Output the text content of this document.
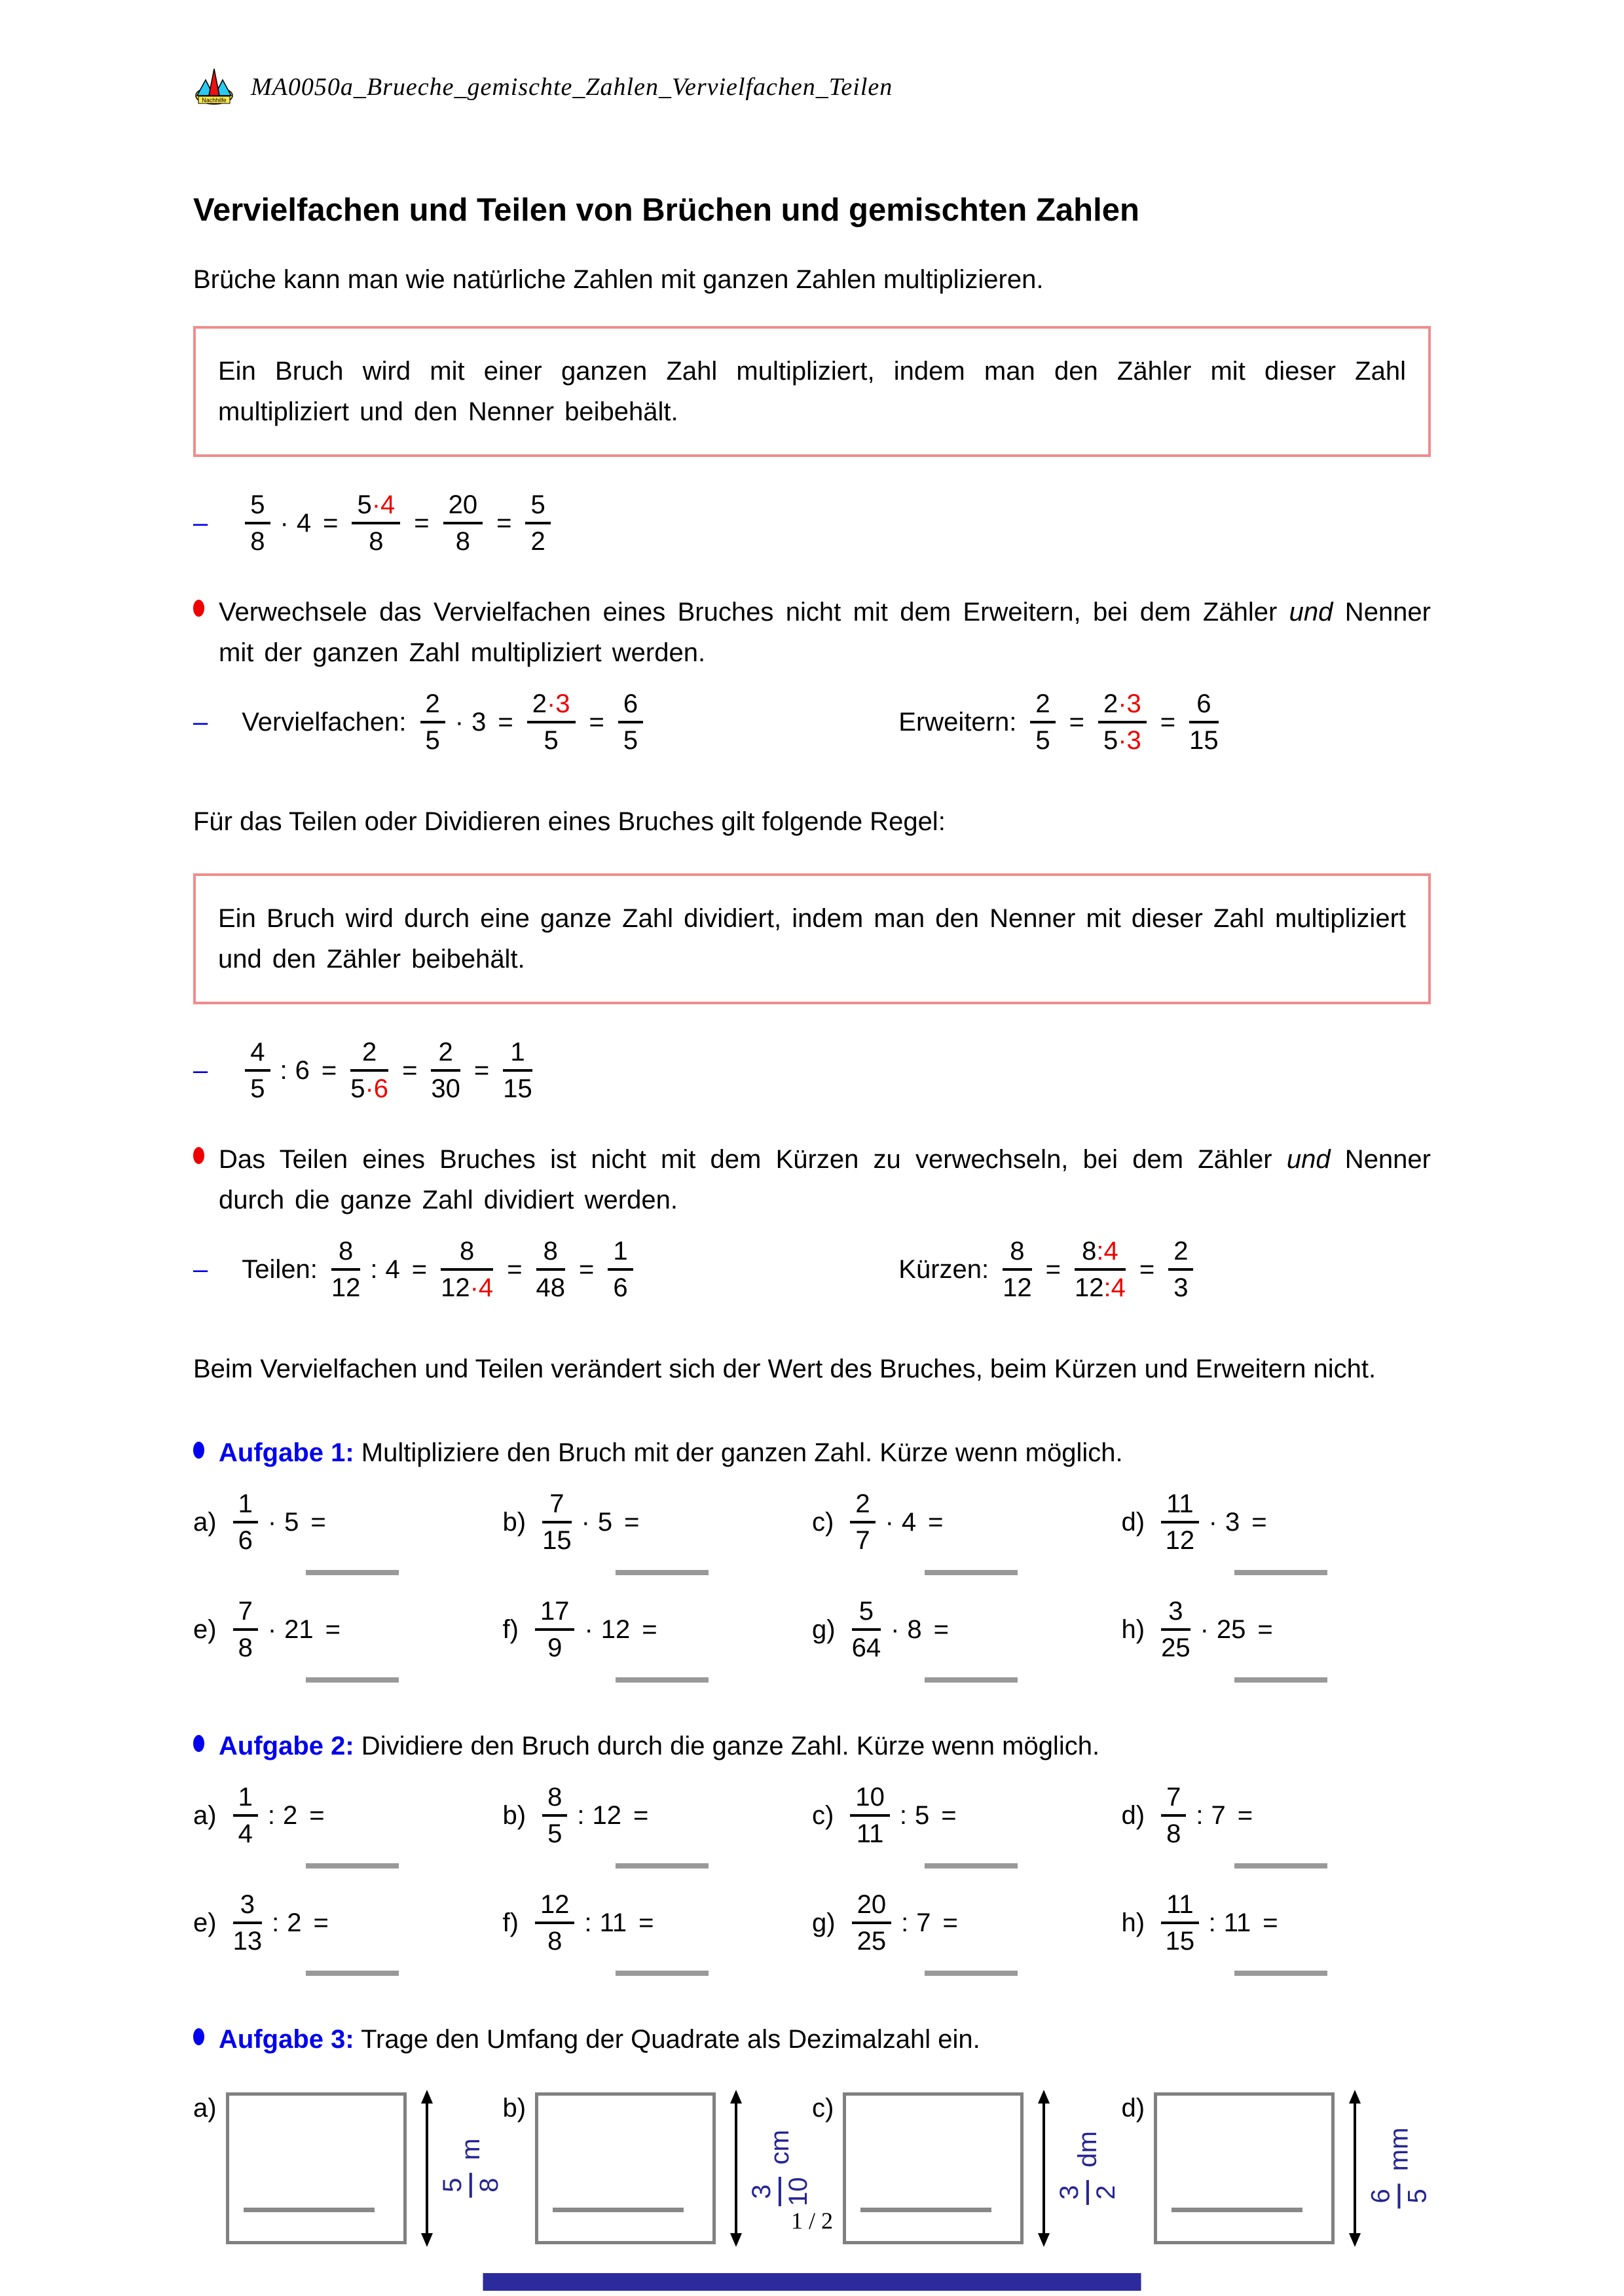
Nachhilfe MA0050a_Brueche_gemischte_Zahlen_Vervielfachen_Teilen
Vervielfachen und Teilen von Brüchen und gemischten Zahlen

Brüche kann man wie natürliche Zahlen mit ganzen Zahlen multiplizieren.

Ein Bruch wird mit einer ganzen Zahl multipliziert, indem man den Zähler mit dieser Zahl multipliziert und den Nenner beibehält.
– $\frac{5}{8} \cdot 4 = \frac{5\cdot 4}{8} = \frac{20}{8} = \frac{5}{2}$
Verwechsele das Vervielfachen eines Bruches nicht mit dem Erweitern, bei dem Zähler und Nenner mit der ganzen Zahl multipliziert werden.
– Vervielfachen: $\frac{2}{5} \cdot 3 = \frac{2\cdot 3}{5} = \frac{6}{5}$	Erweitern: $\frac{2}{5} = \frac{2\cdot 3}{5\cdot 3} = \frac{6}{15}$

Für das Teilen oder Dividieren eines Bruches gilt folgende Regel:

Ein Bruch wird durch eine ganze Zahl dividiert, indem man den Nenner mit dieser Zahl multipliziert und den Zähler beibehält.
– $\frac{4}{5}$ : $6 = \frac{2}{5\cdot 6} = \frac{2}{30} = \frac{1}{15}$
Das Teilen eines Bruches ist nicht mit dem Kürzen zu verwechseln, bei dem Zähler und Nenner durch die ganze Zahl dividiert werden.
– Teilen: $\frac{8}{12}$ : $4 = \frac{8}{12\cdot 4} = \frac{8}{48} = \frac{1}{6}$	Kürzen: $\frac{8}{12} = \frac{8:4}{12:4} = \frac{2}{3}$

Beim Vervielfachen und Teilen verändert sich der Wert des Bruches, beim Kürzen und Erweitern nicht.

Aufgabe 1: Multipliziere den Bruch mit der ganzen Zahl. Kürze wenn möglich.
$a) \frac{1}{6} \cdot 5$ =	$b) \frac{7}{15} \cdot 5$ =	$c) \frac{2}{7} \cdot 4$ =	$d) \frac{11}{12} \cdot 3$ =
$e) \frac{7}{8} \cdot 21$ =	$f) \frac{17}{9} \cdot 12$ =	$g) \frac{5}{64} \cdot 8$ =	$h) \frac{3}{25} \cdot 25$ =
Aufgabe 2: Dividiere den Bruch durch die ganze Zahl. Kürze wenn möglich.
$a) \frac{1}{4}$ : 2 =	$b) \frac{8}{5}$ : 12 =	$c) \frac{10}{11}$ : 5 =	$d) \frac{7}{8}$ : 7 =
$e) \frac{3}{13}$ : 2 =	$f) \frac{12}{8}$ : 11 =	$g) \frac{20}{25}$ : 7 =	$h) \frac{11}{15}$ : 11 =
Aufgabe 3: Trage den Umfang der Quadrate als Dezimalzahl ein.
a)
5 8
m
b)
3 10
cm
c)
3 2
dm
d)
6 5
mm
1 / 2
